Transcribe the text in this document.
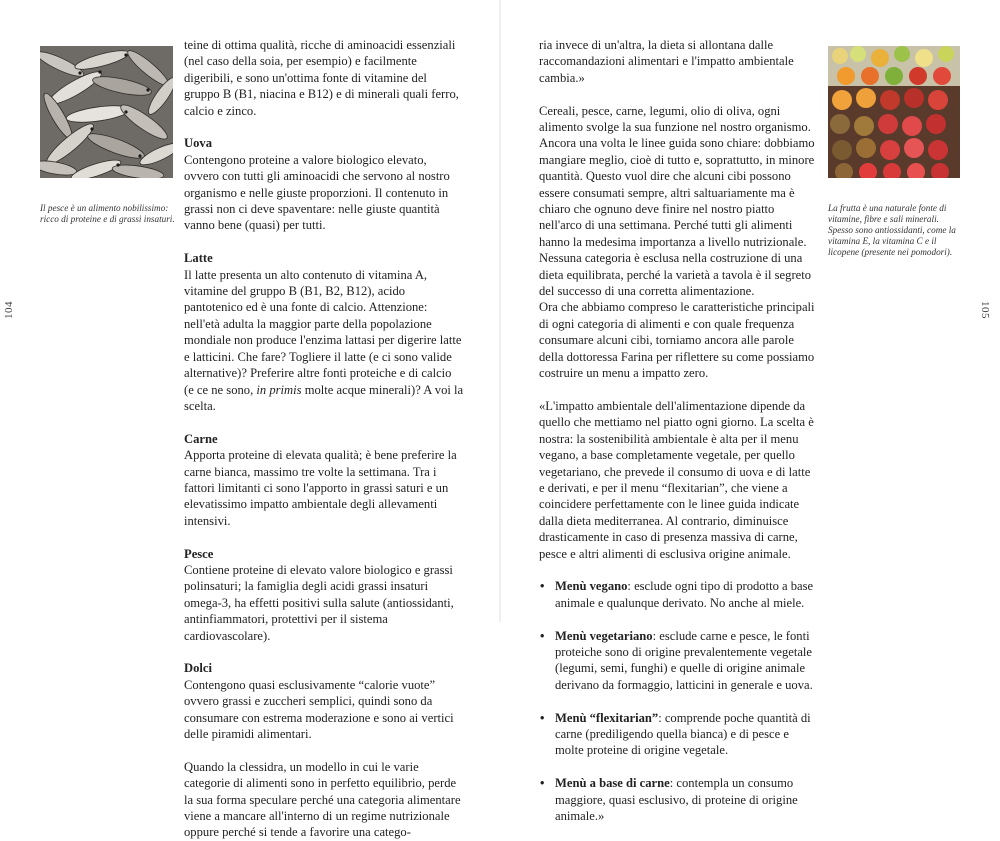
Il pesce è un alimento nobilissimo: ricco di proteine e di grassi insaturi.
104

teine di ottima qualità, ricche di aminoacidi essenziali (nel caso della soia, per esempio) e facilmente digeribili, e sono un'ottima fonte di vitamine del gruppo B (B1, niacina e B12) e di minerali quali ferro, calcio e zinco.

Uova

Contengono proteine a valore biologico elevato, ovvero con tutti gli aminoacidi che servono al nostro organismo e nelle giuste proporzioni. Il contenuto in grassi non ci deve spaventare: nelle giuste quantità vanno bene (quasi) per tutti.

Latte

Il latte presenta un alto contenuto di vitamina A, vitamine del gruppo B (B1, B2, B12), acido pantotenico ed è una fonte di calcio. Attenzione: nell'età adulta la maggior parte della popolazione mondiale non produce l'enzima lattasi per digerire latte e latticini. Che fare? Togliere il latte (e ci sono valide alternative)? Preferire altre fonti proteiche e di calcio (e ce ne sono, in primis molte acque minerali)? A voi la scelta.

Carne

Apporta proteine di elevata qualità; è bene preferire la carne bianca, massimo tre volte la settimana. Tra i fattori limitanti ci sono l'apporto in grassi saturi e un elevatissimo impatto ambientale degli allevamenti intensivi.

Pesce

Contiene proteine di elevato valore biologico e grassi polinsaturi; la famiglia degli acidi grassi insaturi omega-3, ha effetti positivi sulla salute (antiossidanti, antinfiammatori, protettivi per il sistema cardiovascolare).

Dolci

Contengono quasi esclusivamente “calorie vuote” ovvero grassi e zuccheri semplici, quindi sono da consumare con estrema moderazione e sono ai vertici delle piramidi alimentari.

Quando la clessidra, un modello in cui le varie categorie di alimenti sono in perfetto equilibrio, perde la sua forma speculare perché una categoria alimentare viene a mancare all'interno di un regime nutrizionale oppure perché si tende a favorire una catego-

ria invece di un'altra, la dieta si allontana dalle raccomandazioni alimentari e l'impatto ambientale cambia.»

Cereali, pesce, carne, legumi, olio di oliva, ogni alimento svolge la sua funzione nel nostro organismo. Ancora una volta le linee guida sono chiare: dobbiamo mangiare meglio, cioè di tutto e, soprattutto, in minore quantità. Questo vuol dire che alcuni cibi possono essere consumati sempre, altri saltuariamente ma è chiaro che ognuno deve finire nel nostro piatto nell'arco di una settimana. Perché tutti gli alimenti hanno la medesima importanza a livello nutrizionale. Nessuna categoria è esclusa nella costruzione di una dieta equilibrata, perché la varietà a tavola è il segreto del successo di una corretta alimentazione.

Ora che abbiamo compreso le caratteristiche principali di ogni categoria di alimenti e con quale frequenza consumare alcuni cibi, torniamo ancora alle parole della dottoressa Farina per riflettere su come possiamo costruire un menu a impatto zero.

«L'impatto ambientale dell'alimentazione dipende da quello che mettiamo nel piatto ogni giorno. La scelta è nostra: la sostenibilità ambientale è alta per il menu vegano, a base completamente vegetale, per quello vegetariano, che prevede il consumo di uova e di latte e derivati, e per il menu “flexitarian”, che viene a coincidere perfettamente con le linee guida indicate dalla dieta mediterranea. Al contrario, diminuisce drasticamente in caso di presenza massiva di carne, pesce e altri alimenti di esclusiva origine animale.

• Menù vegano: esclude ogni tipo di prodotto a base animale e qualunque derivato. No anche al miele.
• Menù vegetariano: esclude carne e pesce, le fonti proteiche sono di origine prevalentemente vegetale (legumi, semi, funghi) e quelle di origine animale derivano da formaggio, latticini in generale e uova.
• Menù “flexitarian”: comprende poche quantità di carne (prediligendo quella bianca) e di pesce e molte proteine di origine vegetale.
• Menù a base di carne: contempla un consumo maggiore, quasi esclusivo, di proteine di origine animale.»
La frutta è una naturale fonte di vitamine, fibre e sali minerali. Spesso sono antiossidanti, come la vitamina E, la vitamina C e il licopene (presente nei pomodori).
105
